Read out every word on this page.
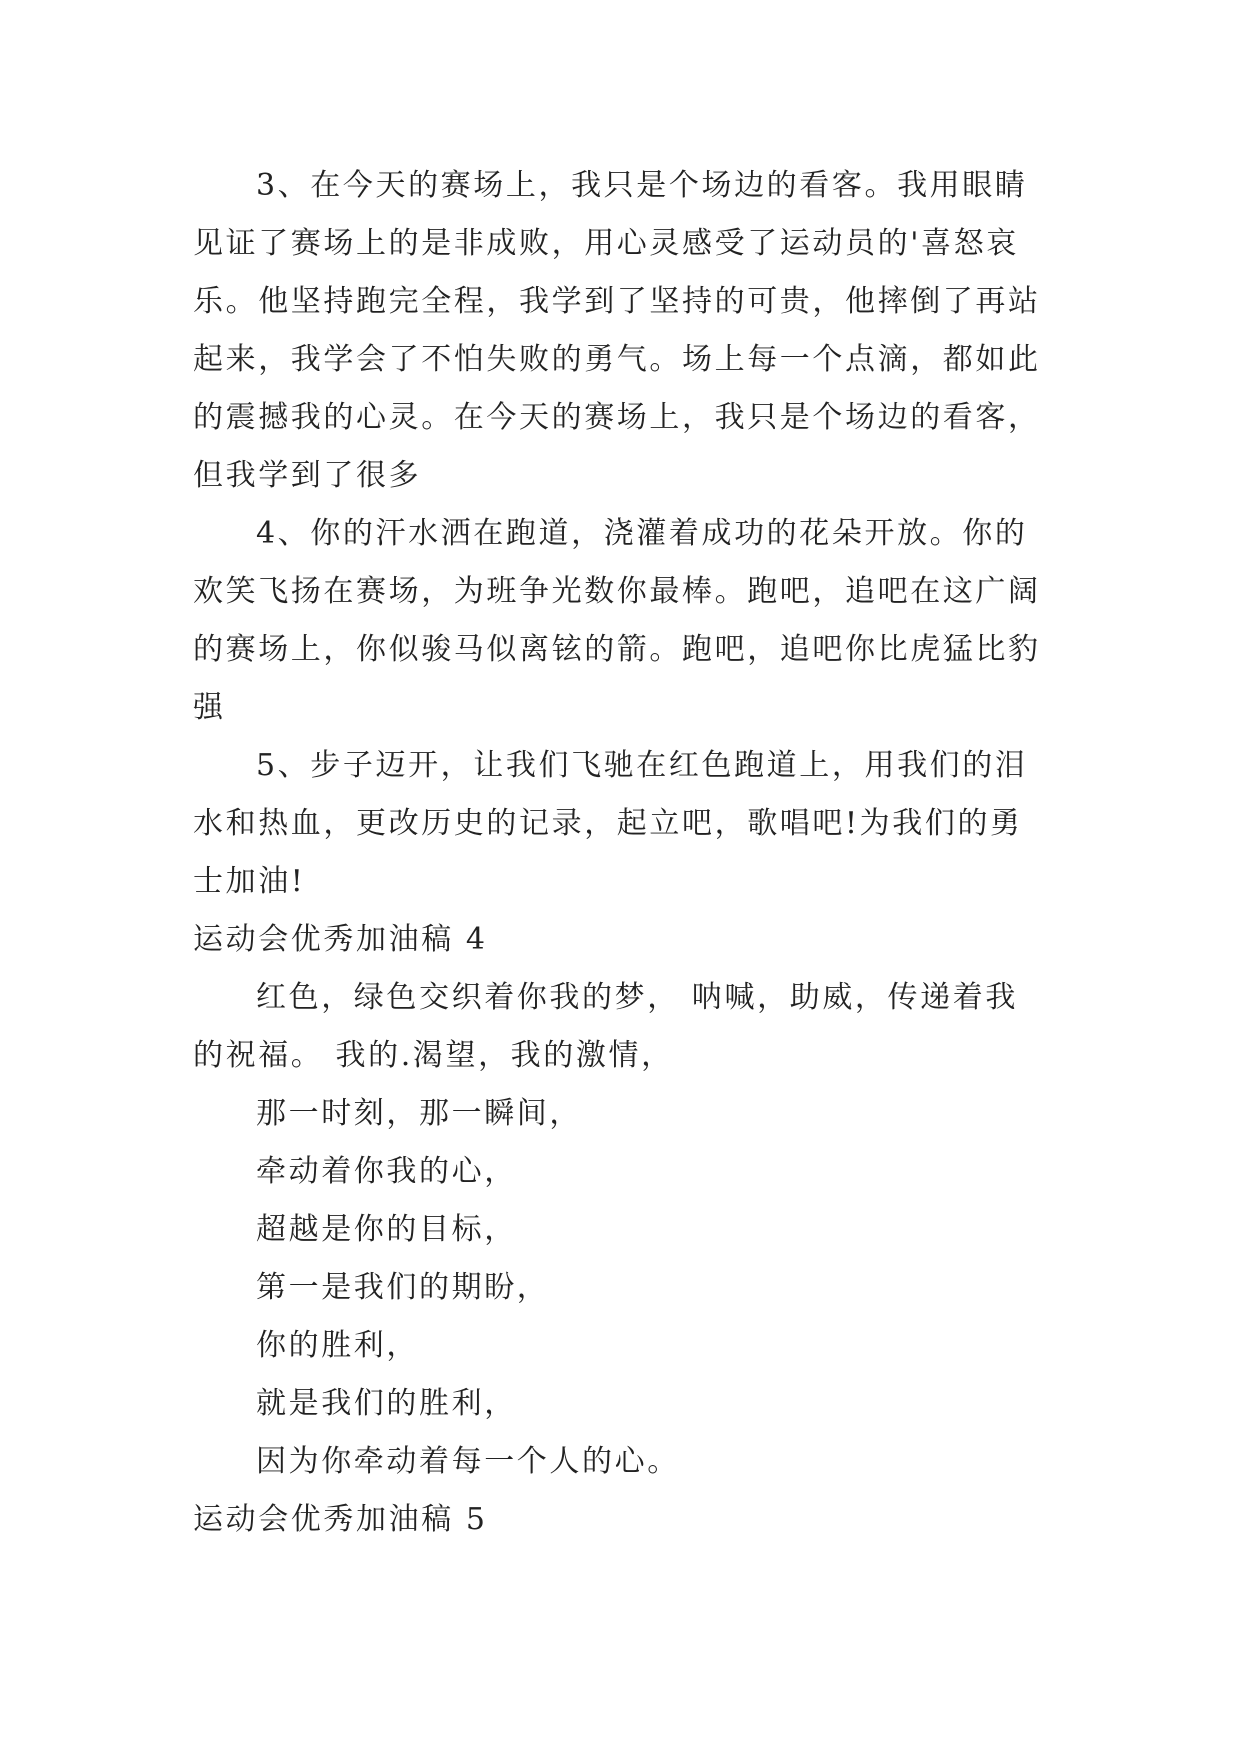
3、在今天的赛场上，我只是个场边的看客。我用眼睛
见证了赛场上的是非成败，用心灵感受了运动员的'喜怒哀
乐。他坚持跑完全程，我学到了坚持的可贵，他摔倒了再站
起来，我学会了不怕失败的勇气。场上每一个点滴，都如此
的震撼我的心灵。在今天的赛场上，我只是个场边的看客，
但我学到了很多
4、你的汗水洒在跑道，浇灌着成功的花朵开放。你的
欢笑飞扬在赛场，为班争光数你最棒。跑吧，追吧在这广阔
的赛场上，你似骏马似离铉的箭。跑吧，追吧你比虎猛比豹
强
5、步子迈开，让我们飞驰在红色跑道上，用我们的泪
水和热血，更改历史的记录，起立吧，歌唱吧!为我们的勇
士加油!
运动会优秀加油稿 4
红色，绿色交织着你我的梦， 呐喊，助威，传递着我
的祝福。 我的.渴望，我的激情，
那一时刻，那一瞬间，
牵动着你我的心，
超越是你的目标，
第一是我们的期盼，
你的胜利，
就是我们的胜利，
因为你牵动着每一个人的心。
运动会优秀加油稿 5
